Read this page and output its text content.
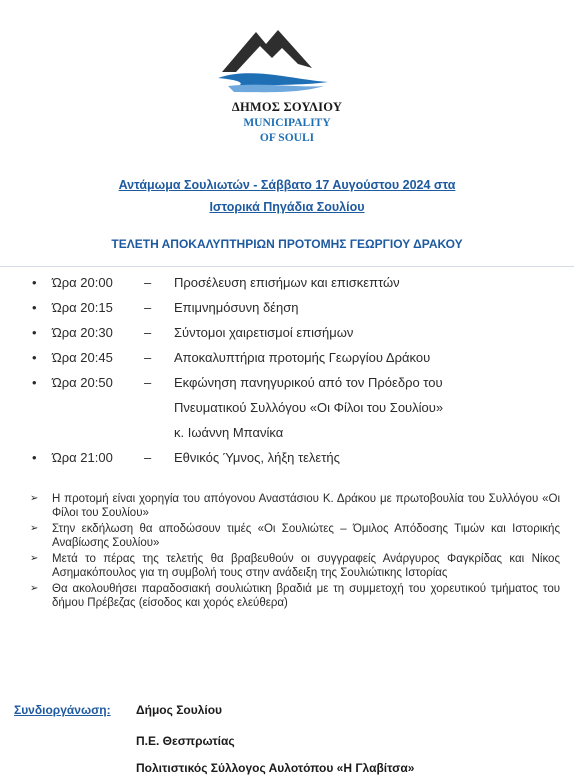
ΔΗΜΟΣ ΣΟΥΛΙΟΥ
MUNICIPALITY
OF SOULI
Αντάμωμα Σουλιωτών - Σάββατο 17 Αυγούστου 2024 στα
Ιστορικά Πηγάδια Σουλίου
ΤΕΛΕΤΗ ΑΠΟΚΑΛΥΠΤΗΡΙΩΝ ΠΡΟΤΟΜΗΣ ΓΕΩΡΓΙΟΥ ΔΡΑΚΟΥ
• Ώρα 20:00 – Προσέλευση επισήμων και επισκεπτών
• Ώρα 20:15 – Επιμνημόσυνη δέηση
• Ώρα 20:30 – Σύντομοι χαιρετισμοί επισήμων
• Ώρα 20:45 – Αποκαλυπτήρια προτομής Γεωργίου Δράκου
• Ώρα 20:50 – Εκφώνηση πανηγυρικού από τον Πρόεδρο του
Πνευματικού Συλλόγου «Οι Φίλοι του Σουλίου»
κ. Ιωάννη Μπανίκα
• Ώρα 21:00 – Εθνικός Ύμνος, λήξη τελετής
➢ Η προτομή είναι χορηγία του απόγονου Αναστάσιου Κ. Δράκου με πρωτοβουλία του Συλλόγου «Οι Φίλοι του Σουλίου»
➢ Στην εκδήλωση θα αποδώσουν τιμές «Οι Σουλιώτες – Όμιλος Απόδοσης Τιμών και Ιστορικής Αναβίωσης Σουλίου»
➢ Μετά το πέρας της τελετής θα βραβευθούν οι συγγραφείς Ανάργυρος Φαγκρίδας και Νίκος Ασημακόπουλος για τη συμβολή τους στην ανάδειξη της Σουλιώτικης Ιστορίας
➢ Θα ακολουθήσει παραδοσιακή σουλιώτικη βραδιά με τη συμμετοχή του χορευτικού τμήματος του δήμου Πρέβεζας (είσοδος και χορός ελεύθερα)
Συνδιοργάνωση: Δήμος Σουλίου
Π.Ε. Θεσπρωτίας
Πολιτιστικός Σύλλογος Αυλοτόπου «Η Γλαβίτσα»
